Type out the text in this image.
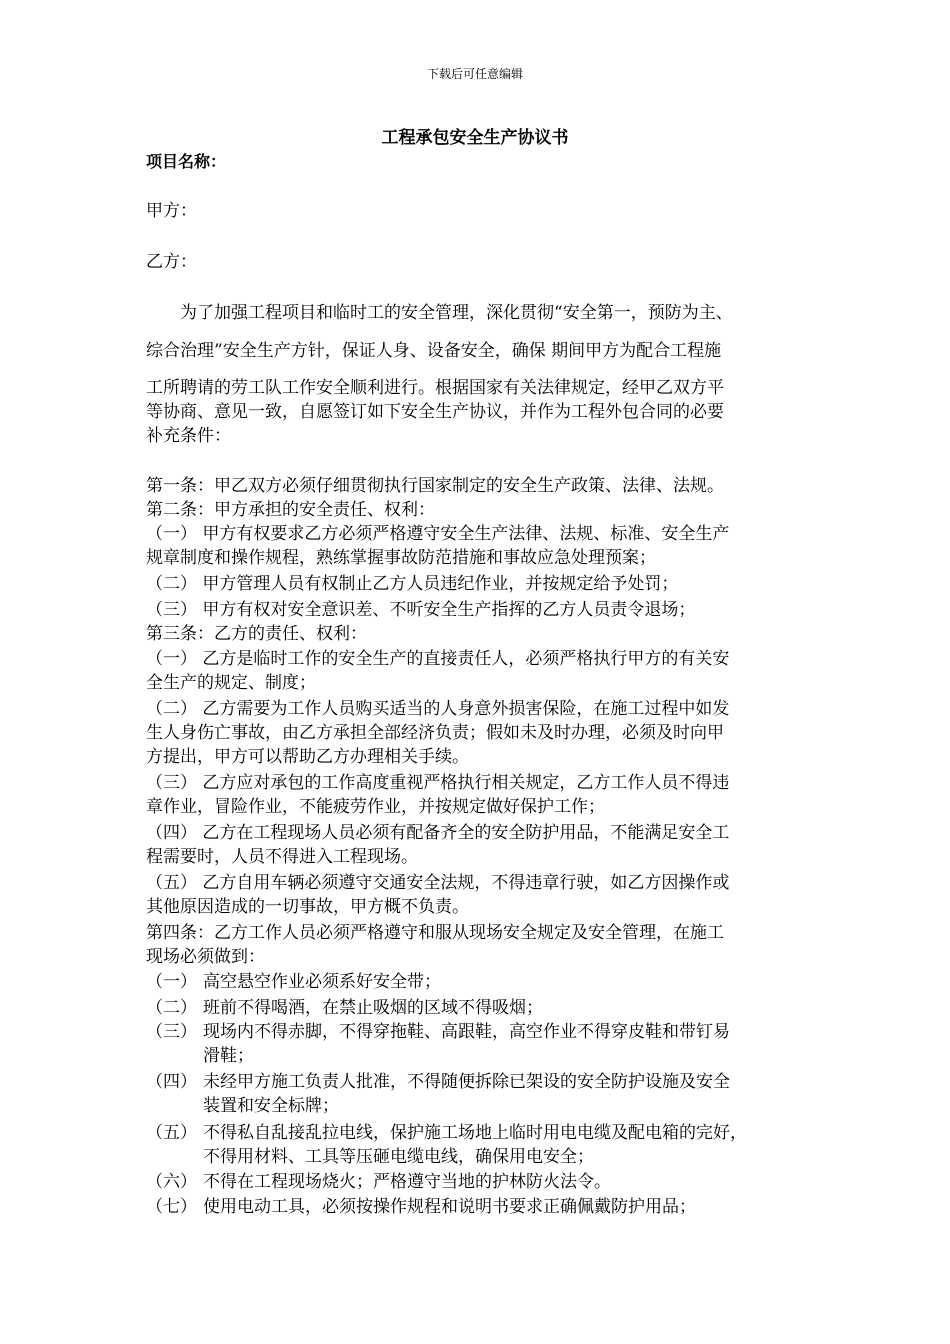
下载后可任意编辑
工程承包安全生产协议书
项目名称：
甲方：
乙方：
为了加强工程项目和临时工的安全管理，深化贯彻“安全第一，预防为主、
综合治理”安全生产方针，保证人身、设备安全，确保 期间甲方为配合工程施
工所聘请的劳工队工作安全顺利进行。根据国家有关法律规定，经甲乙双方平
等协商、意见一致，自愿签订如下安全生产协议，并作为工程外包合同的必要
补充条件：
第一条：甲乙双方必须仔细贯彻执行国家制定的安全生产政策、法律、法规。
第二条：甲方承担的安全责任、权利：
（一） 甲方有权要求乙方必须严格遵守安全生产法律、法规、标准、安全生产
规章制度和操作规程，熟练掌握事故防范措施和事故应急处理预案；
（二） 甲方管理人员有权制止乙方人员违纪作业，并按规定给予处罚；
（三） 甲方有权对安全意识差、不听安全生产指挥的乙方人员责令退场；
第三条：乙方的责任、权利：
（一） 乙方是临时工作的安全生产的直接责任人，必须严格执行甲方的有关安
全生产的规定、制度；
（二） 乙方需要为工作人员购买适当的人身意外损害保险，在施工过程中如发
生人身伤亡事故，由乙方承担全部经济负责；假如未及时办理，必须及时向甲
方提出，甲方可以帮助乙方办理相关手续。
（三） 乙方应对承包的工作高度重视严格执行相关规定，乙方工作人员不得违
章作业，冒险作业，不能疲劳作业，并按规定做好保护工作；
（四） 乙方在工程现场人员必须有配备齐全的安全防护用品，不能满足安全工
程需要时，人员不得进入工程现场。
（五） 乙方自用车辆必须遵守交通安全法规，不得违章行驶，如乙方因操作或
其他原因造成的一切事故，甲方概不负责。
第四条：乙方工作人员必须严格遵守和服从现场安全规定及安全管理，在施工
现场必须做到：
（一） 高空悬空作业必须系好安全带；
（二） 班前不得喝酒，在禁止吸烟的区域不得吸烟；
（三） 现场内不得赤脚，不得穿拖鞋、高跟鞋，高空作业不得穿皮鞋和带钉易
滑鞋；
（四） 未经甲方施工负责人批准，不得随便拆除已架设的安全防护设施及安全
装置和安全标牌；
（五） 不得私自乱接乱拉电线，保护施工场地上临时用电电缆及配电箱的完好，
不得用材料、工具等压砸电缆电线，确保用电安全；
（六） 不得在工程现场烧火；严格遵守当地的护林防火法令。
（七） 使用电动工具，必须按操作规程和说明书要求正确佩戴防护用品；
